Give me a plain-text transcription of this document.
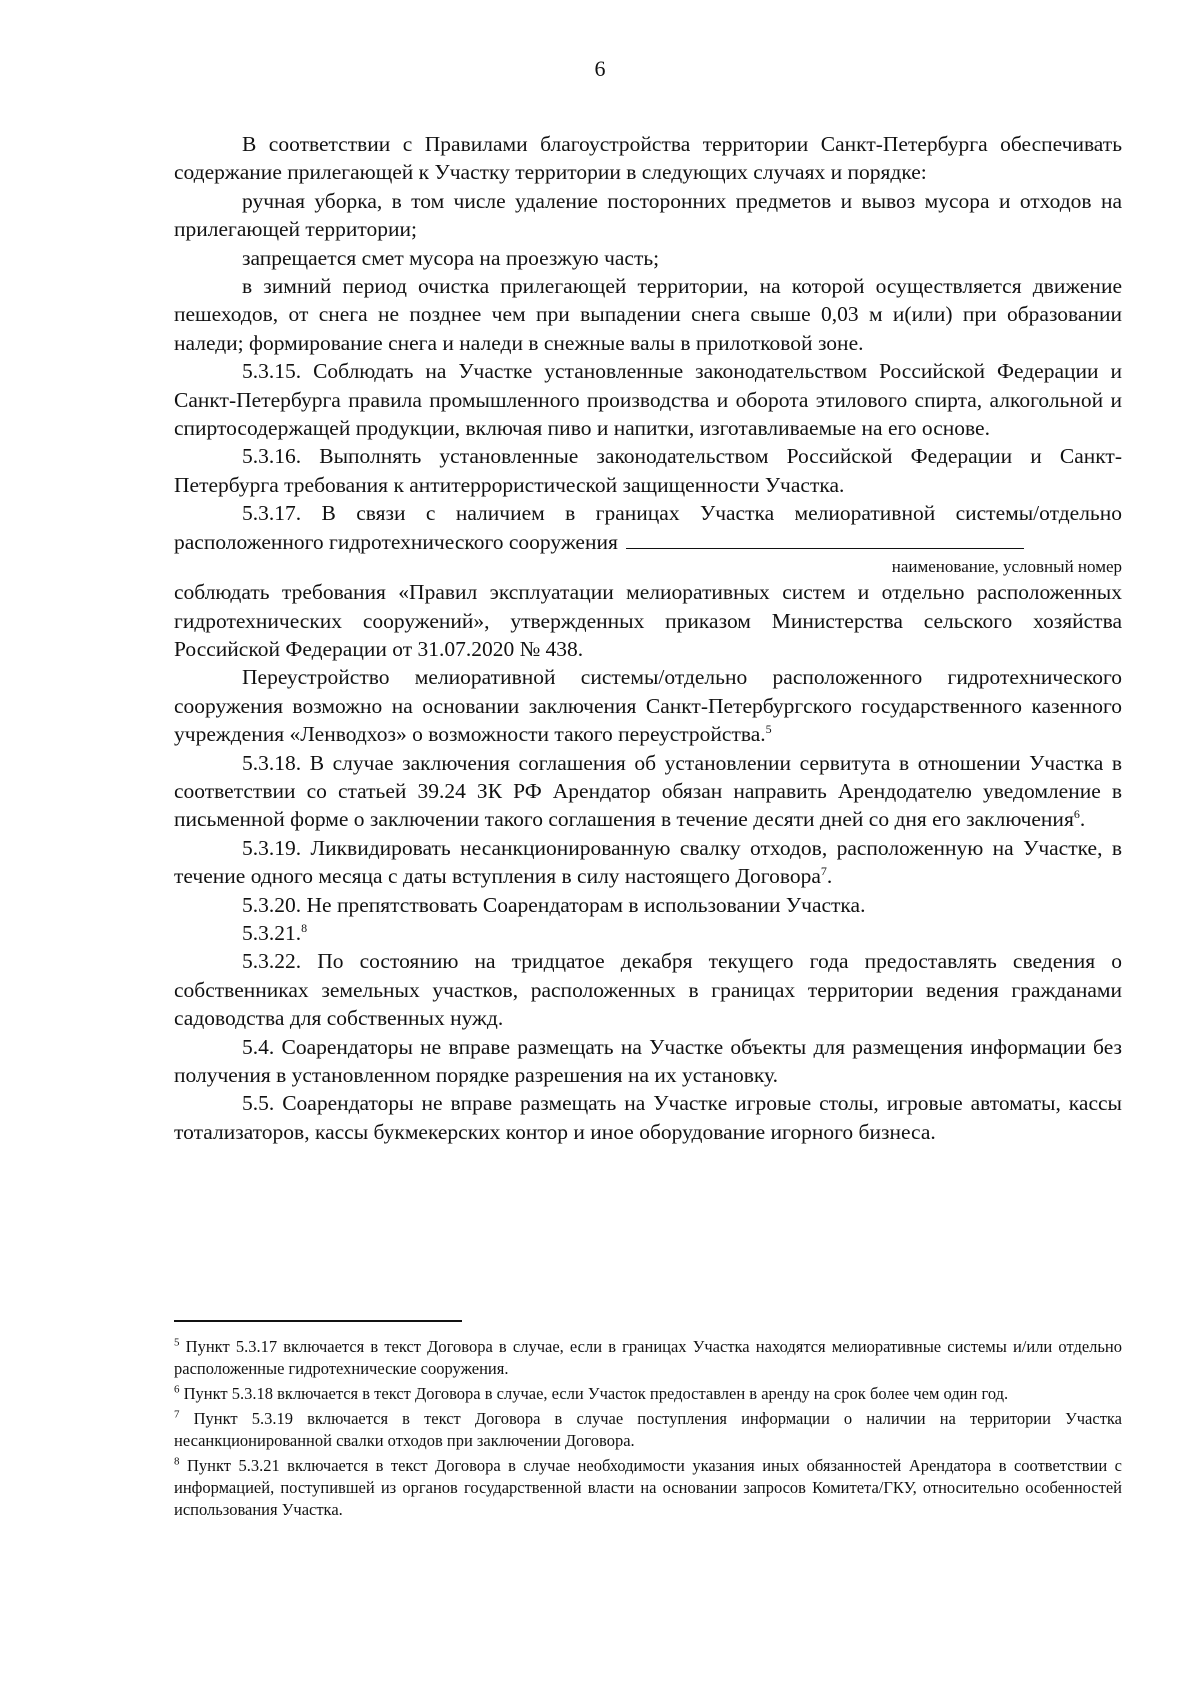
6

В соответствии с Правилами благоустройства территории Санкт-Петербурга обеспечивать содержание прилегающей к Участку территории в следующих случаях и порядке:

ручная уборка, в том числе удаление посторонних предметов и вывоз мусора и отходов на прилегающей территории;

запрещается смет мусора на проезжую часть;

в зимний период очистка прилегающей территории, на которой осуществляется движение пешеходов, от снега не позднее чем при выпадении снега свыше 0,03 м и(или) при образовании наледи; формирование снега и наледи в снежные валы в прилотковой зоне.

5.3.15. Соблюдать на Участке установленные законодательством Российской Федерации и Санкт-Петербурга правила промышленного производства и оборота этилового спирта, алкогольной и спиртосодержащей продукции, включая пиво и напитки, изготавливаемые на его основе.

5.3.16. Выполнять установленные законодательством Российской Федерации и Санкт-Петербурга требования к антитеррористической защищенности Участка.

5.3.17. В связи с наличием в границах Участка мелиоративной системы/отдельно расположенного гидротехнического сооружения

наименование, условный номер

соблюдать требования «Правил эксплуатации мелиоративных систем и отдельно расположенных гидротехнических сооружений», утвержденных приказом Министерства сельского хозяйства Российской Федерации от 31.07.2020 № 438.

Переустройство мелиоративной системы/отдельно расположенного гидротехнического сооружения возможно на основании заключения Санкт-Петербургского государственного казенного учреждения «Ленводхоз» о возможности такого переустройства.$^5$

5.3.18. В случае заключения соглашения об установлении сервитута в отношении Участка в соответствии со статьей 39.24 ЗК РФ Арендатор обязан направить Арендодателю уведомление в письменной форме о заключении такого соглашения в течение десяти дней со дня его заключения$^6$.

5.3.19. Ликвидировать несанкционированную свалку отходов, расположенную на Участке, в течение одного месяца с даты вступления в силу настоящего Договора$^7$.

5.3.20. Не препятствовать Соарендаторам в использовании Участка.

5.3.21.$^8$

5.3.22. По состоянию на тридцатое декабря текущего года предоставлять сведения о собственниках земельных участков, расположенных в границах территории ведения гражданами садоводства для собственных нужд.

5.4. Соарендаторы не вправе размещать на Участке объекты для размещения информации без получения в установленном порядке разрешения на их установку.

5.5. Соарендаторы не вправе размещать на Участке игровые столы, игровые автоматы, кассы тотализаторов, кассы букмекерских контор и иное оборудование игорного бизнеса.

$^5$ Пункт 5.3.17 включается в текст Договора в случае, если в границах Участка находятся мелиоративные системы и/или отдельно расположенные гидротехнические сооружения.

$^6$ Пункт 5.3.18 включается в текст Договора в случае, если Участок предоставлен в аренду на срок более чем один год.

$^7$ Пункт 5.3.19 включается в текст Договора в случае поступления информации о наличии на территории Участка несанкционированной свалки отходов при заключении Договора.

$^8$ Пункт 5.3.21 включается в текст Договора в случае необходимости указания иных обязанностей Арендатора в соответствии с информацией, поступившей из органов государственной власти на основании запросов Комитета/ГКУ, относительно особенностей использования Участка.
